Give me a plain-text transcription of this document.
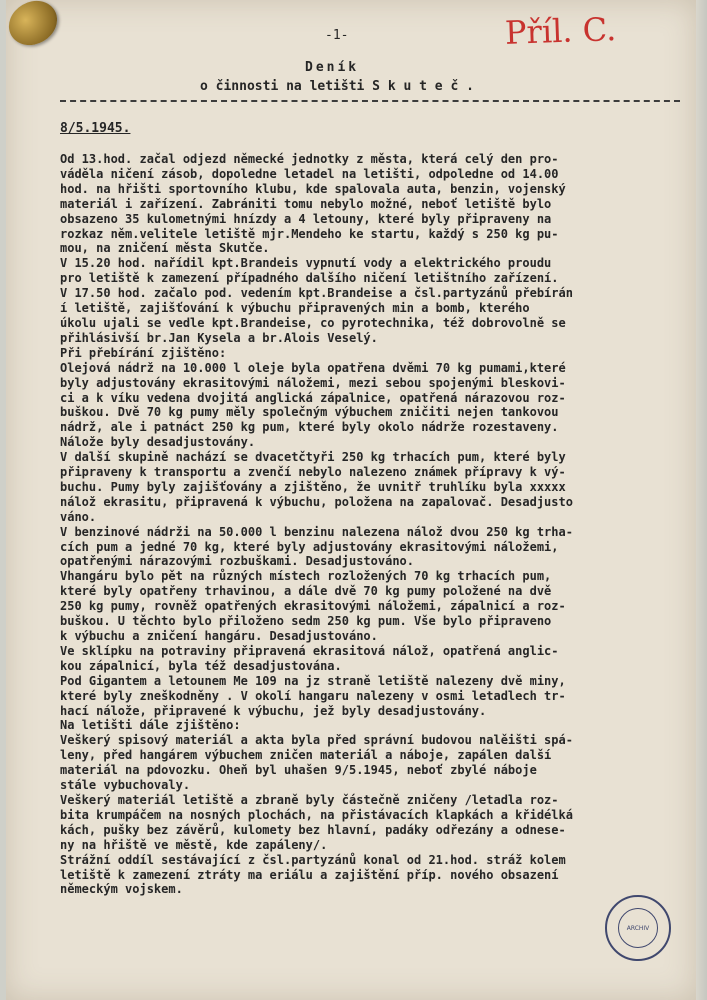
-1-	Příl. C.
Deník
o činnosti na letišti S k u t e č .
8/5.1945.
Od 13.hod. začal odjezd německé jednotky z města, která celý den pro-
váděla ničení zásob, dopoledne letadel na letišti, odpoledne od 14.00
hod. na hřišti sportovního klubu, kde spalovala auta, benzin, vojenský
materiál i zařízení. Zabrániti tomu nebylo možné, neboť letiště bylo
obsazeno 35 kulometnými hnízdy a 4 letouny, které byly připraveny na
rozkaz něm.velitele letiště mjr.Mendeho ke startu, každý s 250 kg pu-
mou, na zničení města Skutče.
V 15.20 hod. nařídil kpt.Brandeis vypnutí vody a elektrického proudu
pro letiště k zamezení případného dalšího ničení letištního zařízení.
V 17.50 hod. začalo pod. vedením kpt.Brandeise a čsl.partyzánů přebírán
í letiště, zajišťování k výbuchu připravených min a bomb, kterého
úkolu ujali se vedle kpt.Brandeise, co pyrotechnika, též dobrovolně se
přihlásivší br.Jan Kysela a br.Alois Veselý.
Při přebírání zjištěno:
Olejová nádrž na 10.000 l oleje byla opatřena dvěmi 70 kg pumami,které
byly adjustovány ekrasitovými náložemi, mezi sebou spojenými bleskovi-
ci a k víku vedena dvojitá anglická zápalnice, opatřená nárazovou roz-
buškou. Dvě 70 kg pumy měly společným výbuchem zničiti nejen tankovou
nádrž, ale i patnáct 250 kg pum, které byly okolo nádrže rozestaveny.
Nálože byly desadjustovány.
V další skupině nachází se dvacetčtyři 250 kg trhacích pum, které byly
připraveny k transportu a zvenčí nebylo nalezeno známek přípravy k vý-
buchu. Pumy byly zajišťovány a zjištěno, že uvnitř truhlíku byla xxxxx
nálož ekrasitu, připravená k výbuchu, položena na zapalovač. Desadjusto
váno.
V benzinové nádrži na 50.000 l benzinu nalezena nálož dvou 250 kg trha-
cích pum a jedné 70 kg, které byly adjustovány ekrasitovými náložemi,
opatřenými nárazovými rozbuškami. Desadjustováno.
Vhangáru bylo pět na různých místech rozložených 70 kg trhacích pum,
které byly opatřeny trhavinou, a dále dvě 70 kg pumy položené na dvě
250 kg pumy, rovněž opatřených ekrasitovými náložemi, zápalnicí a roz-
buškou. U těchto bylo přiloženo sedm 250 kg pum. Vše bylo připraveno
k výbuchu a zničení hangáru. Desadjustováno.
Ve sklípku na potraviny připravená ekrasitová nálož, opatřená anglic-
kou zápalnicí, byla též desadjustována.
Pod Gigantem a letounem Me 109 na jz straně letiště nalezeny dvě miny,
které byly zneškodněny . V okolí hangaru nalezeny v osmi letadlech tr-
hací nálože, připravené k výbuchu, jež byly desadjustovány.
Na letišti dále zjištěno:
Veškerý spisový materiál a akta byla před správní budovou nalěišti spá-
leny, před hangárem výbuchem zničen materiál a náboje, zapálen další
materiál na pdovozku. Oheň byl uhašen 9/5.1945, neboť zbylé náboje
stále vybuchovaly.
Veškerý materiál letiště a zbraně byly částečně zničeny /letadla roz-
bita krumpáčem na nosných plochách, na přistávacích klapkách a křidélká
kách, pušky bez závěrů, kulomety bez hlavní, padáky odřezány a odnese-
ny na hřiště ve městě, kde zapáleny/.
Strážní oddíl sestávající z čsl.partyzánů konal od 21.hod. stráž kolem
letiště k zamezení ztráty ma eriálu a zajištění příp. nového obsazení
německým vojskem.
ARCHIV
